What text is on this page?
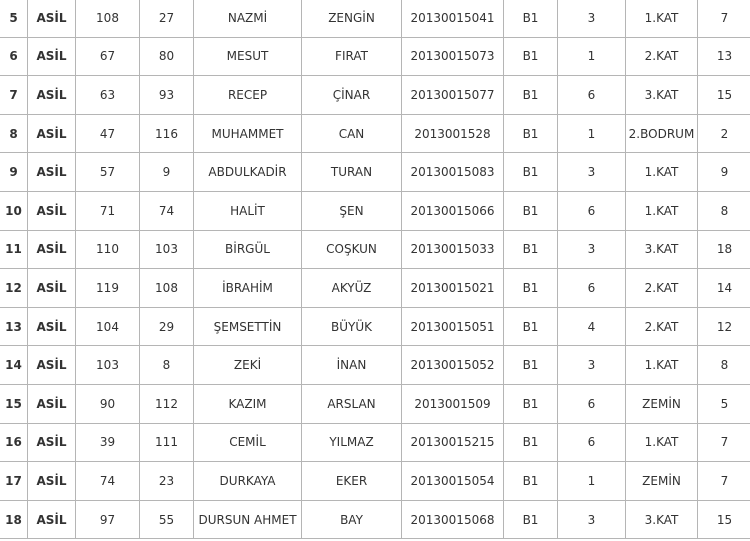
5	ASİL	108	27	NAZMİ	ZENGİN	20130015041	B1	3	1.KAT	7
6	ASİL	67	80	MESUT	FIRAT	20130015073	B1	1	2.KAT	13
7	ASİL	63	93	RECEP	ÇİNAR	20130015077	B1	6	3.KAT	15
8	ASİL	47	116	MUHAMMET	CAN	2013001528	B1	1	2.BODRUM	2
9	ASİL	57	9	ABDULKADİR	TURAN	20130015083	B1	3	1.KAT	9
10	ASİL	71	74	HALİT	ŞEN	20130015066	B1	6	1.KAT	8
11	ASİL	110	103	BİRGÜL	COŞKUN	20130015033	B1	3	3.KAT	18
12	ASİL	119	108	İBRAHİM	AKYÜZ	20130015021	B1	6	2.KAT	14
13	ASİL	104	29	ŞEMSETTİN	BÜYÜK	20130015051	B1	4	2.KAT	12
14	ASİL	103	8	ZEKİ	İNAN	20130015052	B1	3	1.KAT	8
15	ASİL	90	112	KAZIM	ARSLAN	2013001509	B1	6	ZEMİN	5
16	ASİL	39	111	CEMİL	YILMAZ	20130015215	B1	6	1.KAT	7
17	ASİL	74	23	DURKAYA	EKER	20130015054	B1	1	ZEMİN	7
18	ASİL	97	55	DURSUN AHMET	BAY	20130015068	B1	3	3.KAT	15
